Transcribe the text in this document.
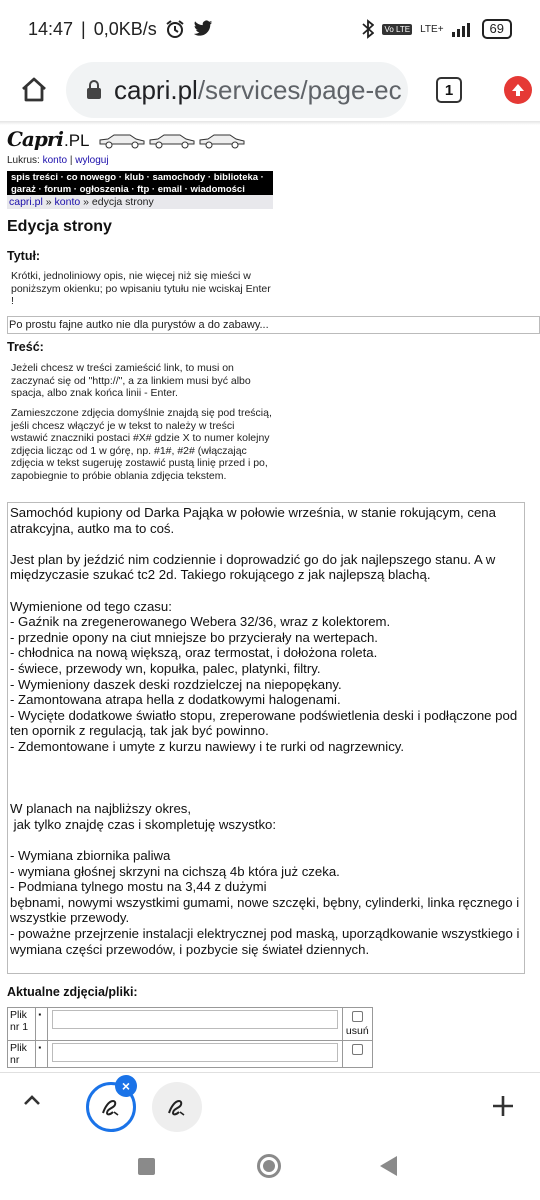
14:47 | 0,0KB/s	Vo LTE LTE+	69
capri.pl /services/page-ec	1
Capri .PL
Lukrus: konto | wyloguj
spis treści · co nowego · klub · samochody · biblioteka ·
garaż · forum · ogłoszenia · ftp · email · wiadomości
capri.pl » konto » edycja strony
Edycja strony
Tytuł:
Krótki, jednoliniowy opis, nie więcej niż się mieści w poniższym okienku; po wpisaniu tytułu nie wciskaj Enter !
Po prostu fajne autko nie dla purystów a do zabawy...
Treść:
Jeżeli chcesz w treści zamieścić link, to musi on zaczynać się od "http://", a za linkiem musi być albo spacja, albo znak końca linii - Enter.
Zamieszczone zdjęcia domyślnie znajdą się pod treścią, jeśli chcesz włączyć je w tekst to należy w treści wstawić znaczniki postaci #X# gdzie X to numer kolejny zdjęcia licząc od 1 w górę, np. #1#, #2# (włączając zdjęcia w tekst sugeruję zostawić pustą linię przed i po, zapobiegnie to próbie oblania zdjęcia tekstem.
Samochód kupiony od Darka Pająka w połowie września, w stanie rokującym, cena atrakcyjna, autko ma to coś.

Jest plan by jeździć nim codziennie i doprowadzić go do jak najlepszego stanu. A w międzyczasie szukać tc2 2d. Takiego rokującego z jak najlepszą blachą.

Wymienione od tego czasu:
- Gaźnik na zregenerowanego Webera 32/36, wraz z kolektorem.
- przednie opony na ciut mniejsze bo przycierały na wertepach.
- chłodnica na nową większą, oraz termostat, i dołożona roleta.
- świece, przewody wn, kopułka, palec, platynki, filtry.
- Wymieniony daszek deski rozdzielczej na niepopękany.
- Zamontowana atrapa hella z dodatkowymi halogenami.
- Wycięte dodatkowe światło stopu, zreperowane podświetlenia deski i podłączone pod ten opornik z regulacją, tak jak być powinno.
- Zdemontowane i umyte z kurzu nawiewy i te rurki od nagrzewnicy.

W planach na najbliższy okres,
jak tylko znajdę czas i skompletuję wszystko:

- Wymiana zbiornika paliwa
- wymiana głośnej skrzyni na cichszą 4b która już czeka.
- Podmiana tylnego mostu na 3,44 z dużymi
bębnami, nowymi wszystkimi gumami, nowe szczęki, bębny, cylinderki, linka ręcznego i wszystkie przewody.
- poważne przejrzenie instalacji elektrycznej pod maską, uporządkowanie wszystkiego i wymiana części przewodów, i pozbycie się świateł dziennych.
Aktualne zdjęcia/pliki:
Plik nr 1	▪		usuń
Plik nr	▪	

×
